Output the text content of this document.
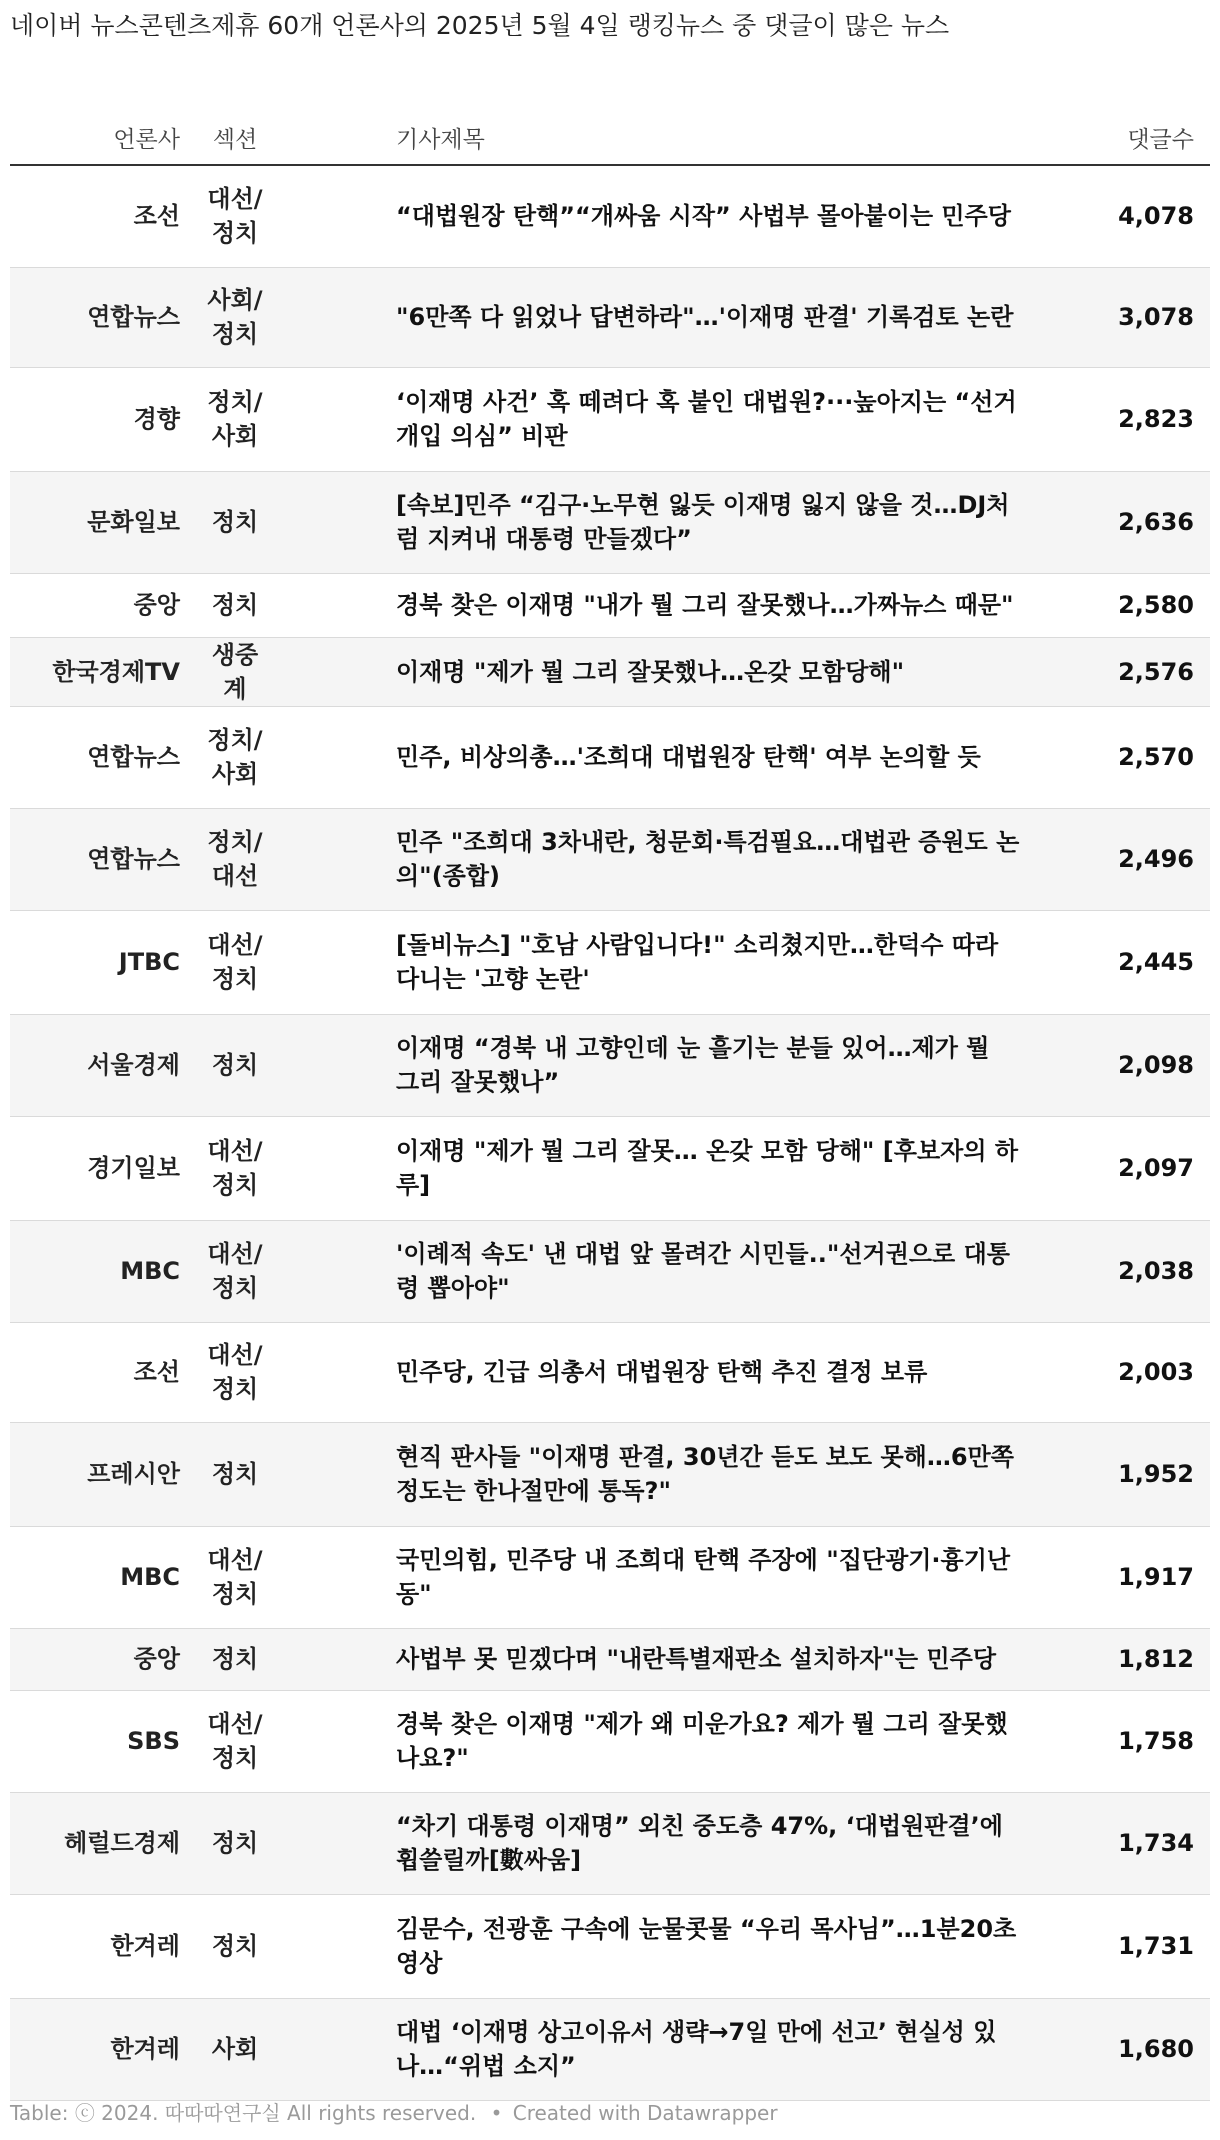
네이버 뉴스콘텐츠제휴 60개 언론사의 2025년 5월 4일 랭킹뉴스 중 댓글이 많은 뉴스
언론사	섹션	기사제목	댓글수
조선	대선/정치	“대법원장 탄핵”“개싸움 시작” 사법부 몰아붙이는 민주당	4,078
연합뉴스	사회/정치	"6만쪽 다 읽었나 답변하라"…'이재명 판결' 기록검토 논란	3,078
경향	정치/사회	‘이재명 사건’ 혹 떼려다 혹 붙인 대법원?···높아지는 “선거 개입 의심” 비판	2,823
문화일보	정치	[속보]민주 “김구·노무현 잃듯 이재명 잃지 않을 것…DJ처럼 지켜내 대통령 만들겠다”	2,636
중앙	정치	경북 찾은 이재명 "내가 뭘 그리 잘못했나…가짜뉴스 때문"	2,580
한국경제TV	생중계	이재명 "제가 뭘 그리 잘못했나…온갖 모함당해"	2,576
연합뉴스	정치/사회	민주, 비상의총…'조희대 대법원장 탄핵' 여부 논의할 듯	2,570
연합뉴스	정치/대선	민주 "조희대 3차내란, 청문회·특검필요…대법관 증원도 논의"(종합)	2,496
JTBC	대선/정치	[돌비뉴스] "호남 사람입니다!" 소리쳤지만…한덕수 따라다니는 '고향 논란'	2,445
서울경제	정치	이재명 “경북 내 고향인데 눈 흘기는 분들 있어…제가 뭘 그리 잘못했나”	2,098
경기일보	대선/정치	이재명 "제가 뭘 그리 잘못… 온갖 모함 당해" [후보자의 하루]	2,097
MBC	대선/정치	'이례적 속도' 낸 대법 앞 몰려간 시민들.."선거권으로 대통령 뽑아야"	2,038
조선	대선/정치	민주당, 긴급 의총서 대법원장 탄핵 추진 결정 보류	2,003
프레시안	정치	현직 판사들 "이재명 판결, 30년간 듣도 보도 못해…6만쪽 정도는 한나절만에 통독?"	1,952
MBC	대선/정치	국민의힘, 민주당 내 조희대 탄핵 주장에 "집단광기·흉기난동"	1,917
중앙	정치	사법부 못 믿겠다며 "내란특별재판소 설치하자"는 민주당	1,812
SBS	대선/정치	경북 찾은 이재명 "제가 왜 미운가요? 제가 뭘 그리 잘못했나요?"	1,758
헤럴드경제	정치	“차기 대통령 이재명” 외친 중도층 47%, ‘대법원판결’에 휩쓸릴까[數싸움]	1,734
한겨레	정치	김문수, 전광훈 구속에 눈물콧물 “우리 목사님”…1분20초 영상	1,731
한겨레	사회	대법 ‘이재명 상고이유서 생략→7일 만에 선고’ 현실성 있나…“위법 소지”	1,680
Table: ⓒ 2024. 따따따연구실 All rights reserved. • Created with Datawrapper
